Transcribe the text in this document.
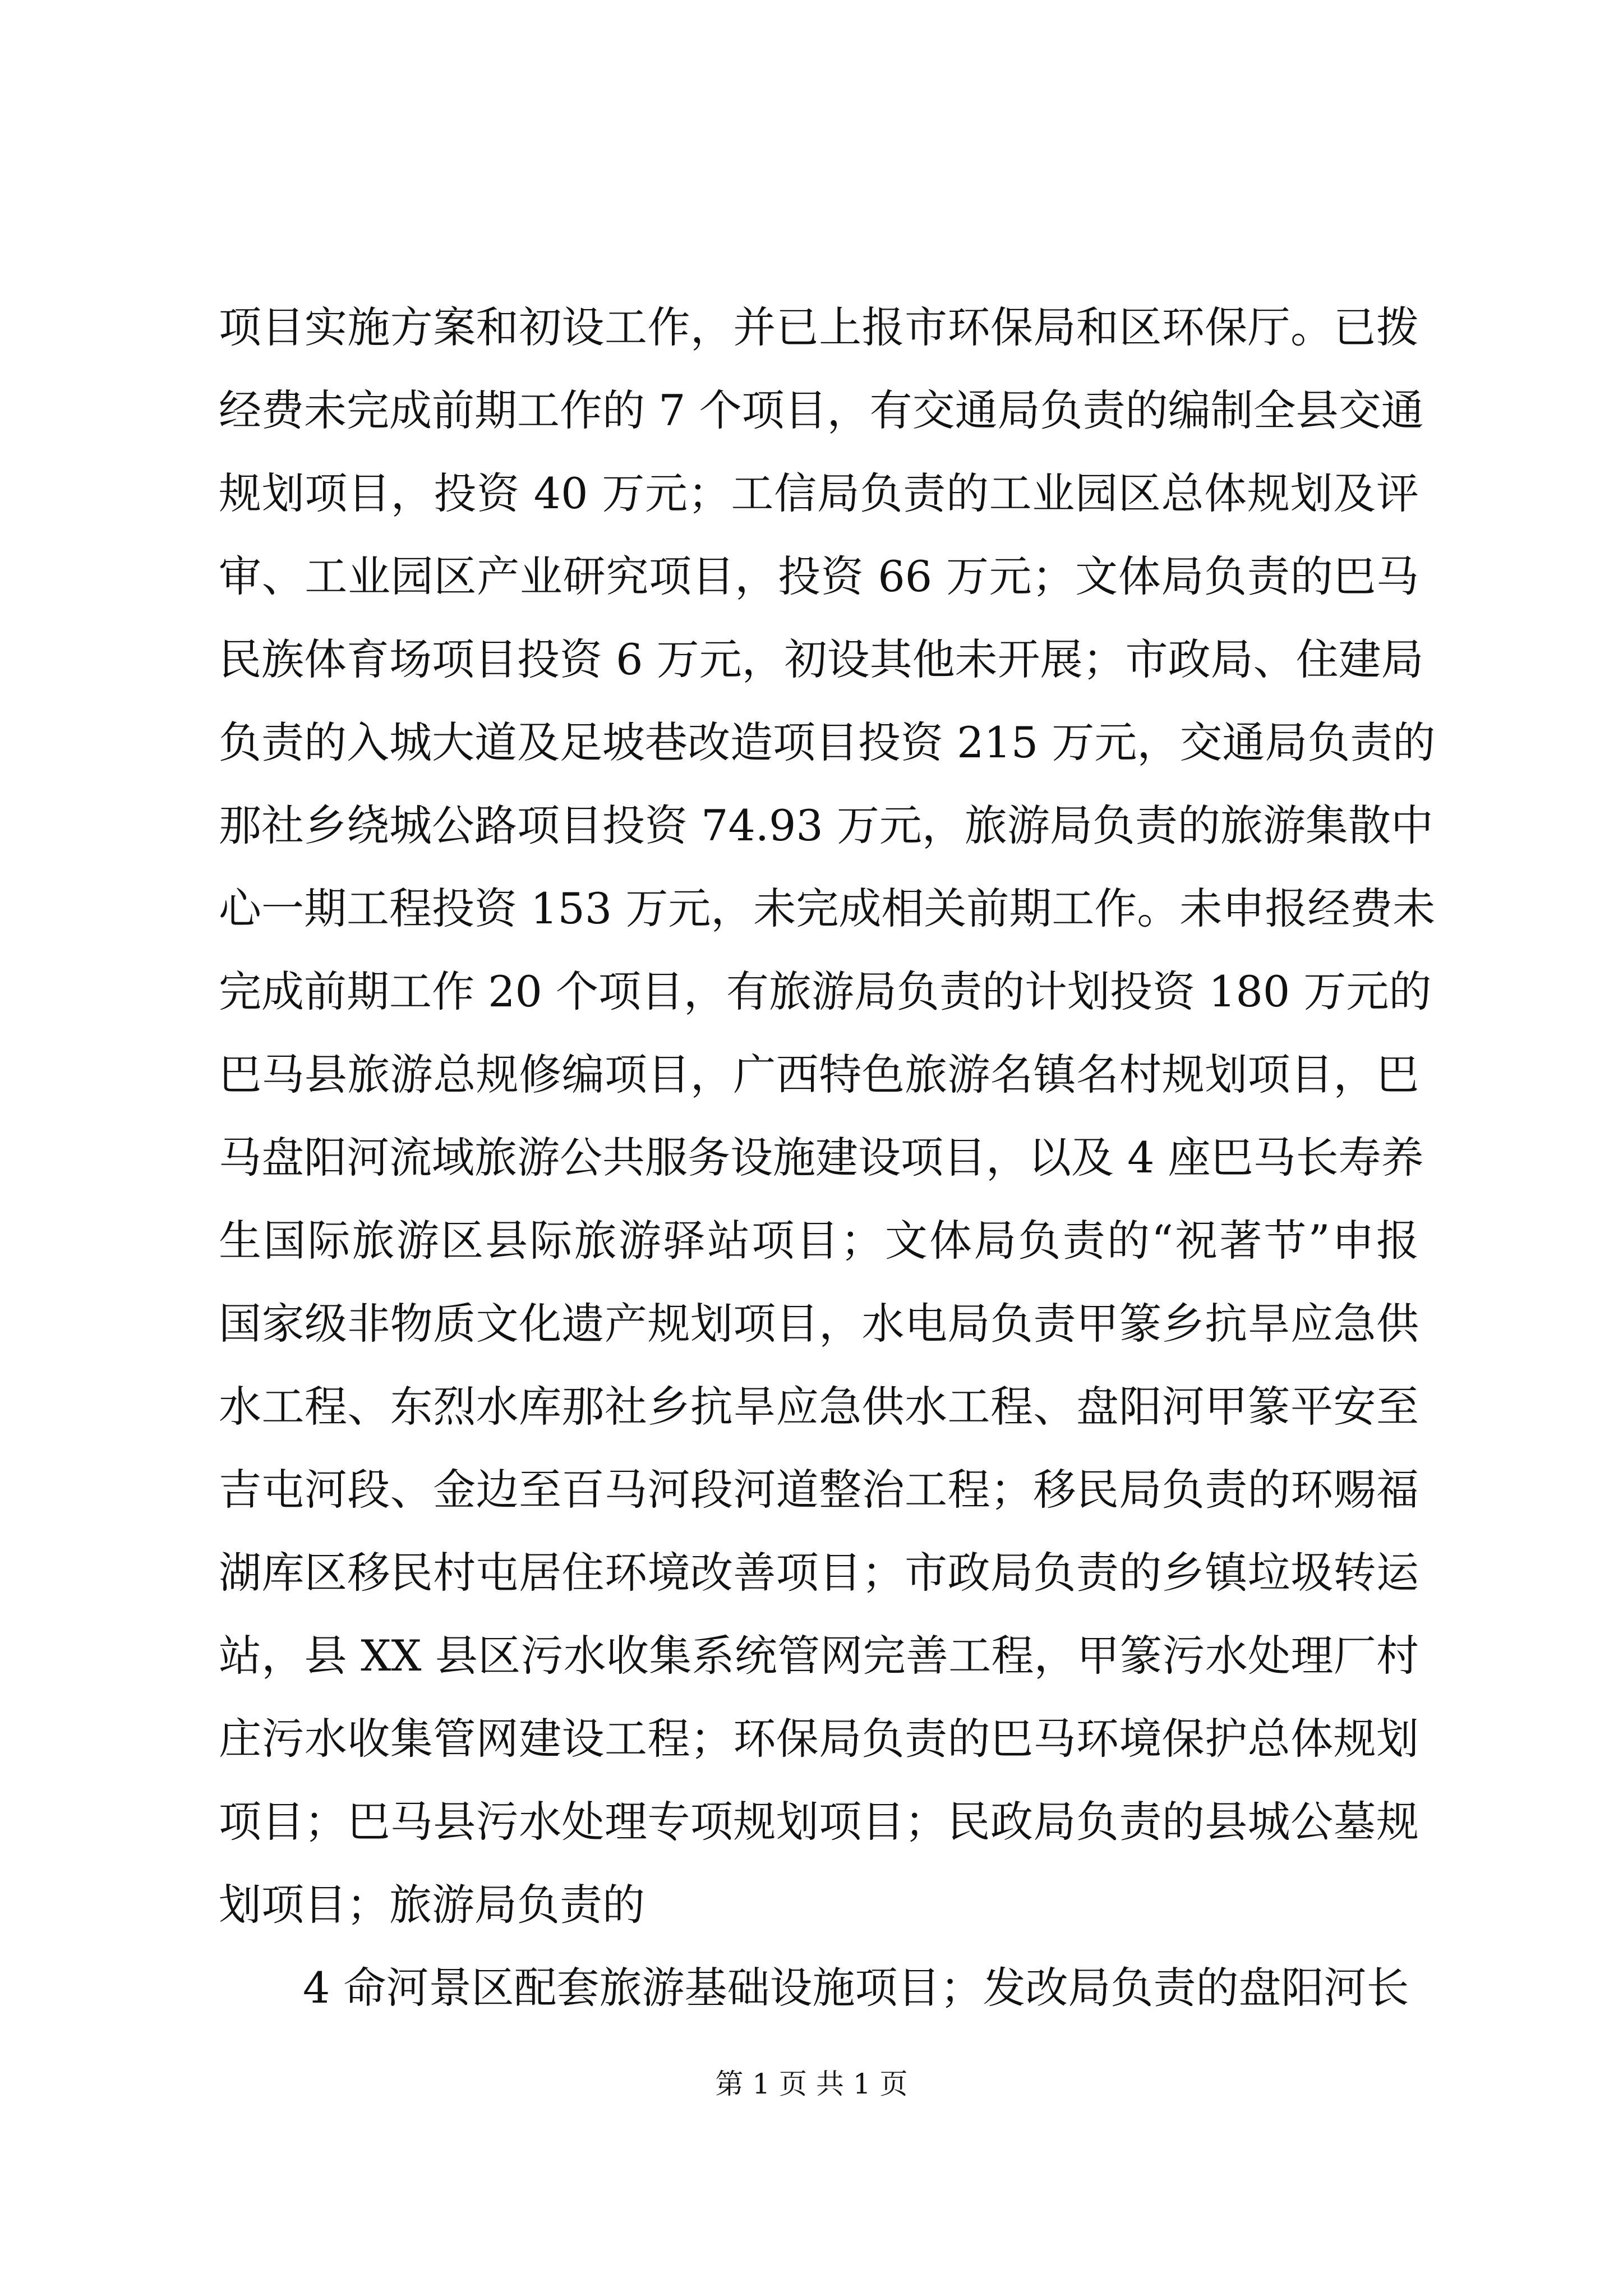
项目实施方案和初设工作，并已上报市环保局和区环保厅。已拨
经费未完成前期工作的 7 个项目，有交通局负责的编制全县交通
规划项目，投资 40 万元；工信局负责的工业园区总体规划及评
审、工业园区产业研究项目，投资 66 万元；文体局负责的巴马
民族体育场项目投资 6 万元，初设其他未开展；市政局、住建局
负责的入城大道及足坡巷改造项目投资 215 万元，交通局负责的
那社乡绕城公路项目投资 74.93 万元，旅游局负责的旅游集散中
心一期工程投资 153 万元，未完成相关前期工作。未申报经费未
完成前期工作 20 个项目，有旅游局负责的计划投资 180 万元的
巴马县旅游总规修编项目，广西特色旅游名镇名村规划项目，巴
马盘阳河流域旅游公共服务设施建设项目，以及 4 座巴马长寿养
生国际旅游区县际旅游驿站项目；文体局负责的“祝著节”申报
国家级非物质文化遗产规划项目，水电局负责甲篆乡抗旱应急供
水工程、东烈水库那社乡抗旱应急供水工程、盘阳河甲篆平安至
吉屯河段、金边至百马河段河道整治工程；移民局负责的环赐福
湖库区移民村屯居住环境改善项目；市政局负责的乡镇垃圾转运
站，县 XX 县区污水收集系统管网完善工程，甲篆污水处理厂村
庄污水收集管网建设工程；环保局负责的巴马环境保护总体规划
项目；巴马县污水处理专项规划项目；民政局负责的县城公墓规
划项目；旅游局负责的
4 命河景区配套旅游基础设施项目；发改局负责的盘阳河长
第 1 页 共 1 页
